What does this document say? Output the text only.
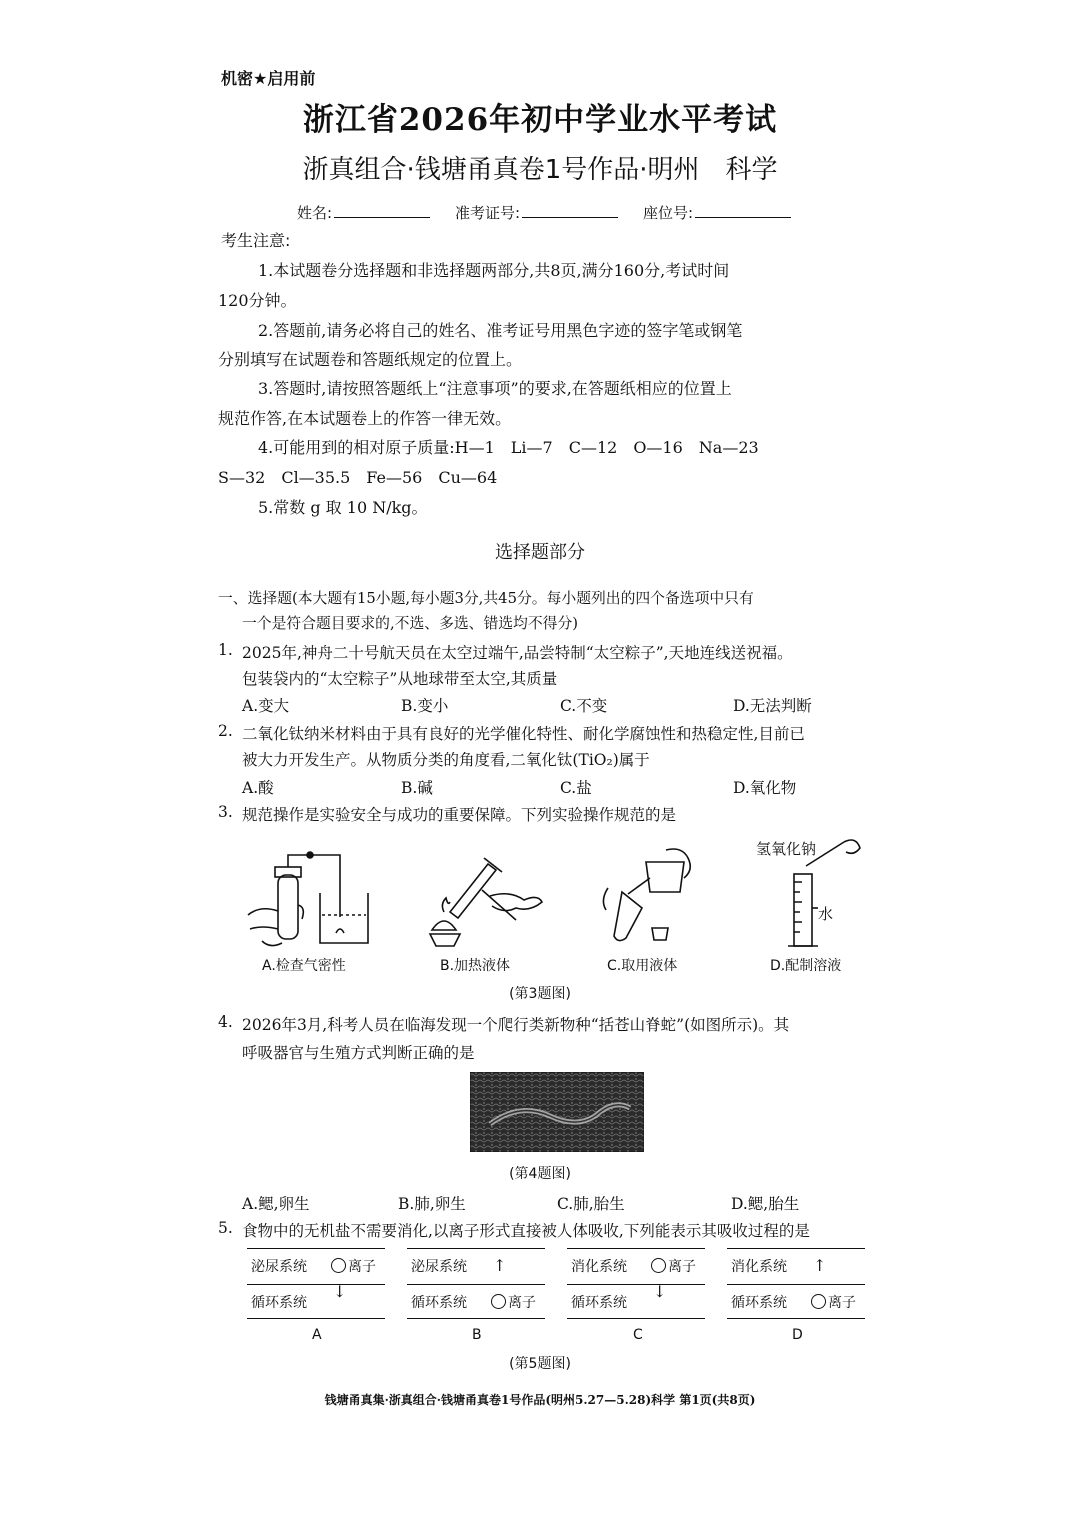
机密★启用前
浙江省2026年初中学业水平考试
浙真组合·钱塘甬真卷1号作品·明州　科学
姓名:	准考证号:	座位号:
考生注意:
1.本试题卷分选择题和非选择题两部分,共8页,满分160分,考试时间
120分钟。
2.答题前,请务必将自己的姓名、准考证号用黑色字迹的签字笔或钢笔
分别填写在试题卷和答题纸规定的位置上。
3.答题时,请按照答题纸上“注意事项”的要求,在答题纸相应的位置上
规范作答,在本试题卷上的作答一律无效。
4.可能用到的相对原子质量:H—1　Li—7　C—12　O—16　Na—23
S—32　Cl—35.5　Fe—56　Cu—64
5.常数 g 取 10 N/kg。
选择题部分
一、选择题(本大题有15小题,每小题3分,共45分。每小题列出的四个备选项中只有
一个是符合题目要求的,不选、多选、错选均不得分)
1. 2025年,神舟二十号航天员在太空过端午,品尝特制“太空粽子”,天地连线送祝福。
包装袋内的“太空粽子”从地球带至太空,其质量
A.变大	B.变小	C.不变	D.无法判断
2. 二氧化钛纳米材料由于具有良好的光学催化特性、耐化学腐蚀性和热稳定性,目前已
被大力开发生产。从物质分类的角度看,二氧化钛(TiO₂)属于
A.酸	B.碱	C.盐	D.氧化物
3. 规范操作是实验安全与成功的重要保障。下列实验操作规范的是
氢氧化钠
水
A.检查气密性	B.加热液体	C.取用液体	D.配制溶液
(第3题图)
4. 2026年3月,科考人员在临海发现一个爬行类新物种“括苍山脊蛇”(如图所示)。其
呼吸器官与生殖方式判断正确的是
(第4题图)
A.鳃,卵生	B.肺,卵生	C.肺,胎生	D.鳃,胎生
5. 食物中的无机盐不需要消化,以离子形式直接被人体吸收,下列能表示其吸收过程的是
泌尿系统	离子
循环系统
↓
A
泌尿系统 ↑
循环系统	离子
B
消化系统	离子
循环系统
↓
C
消化系统 ↑
循环系统	离子
D
(第5题图)
钱塘甬真集·浙真组合·钱塘甬真卷1号作品(明州5.27—5.28)科学 第1页(共8页)
